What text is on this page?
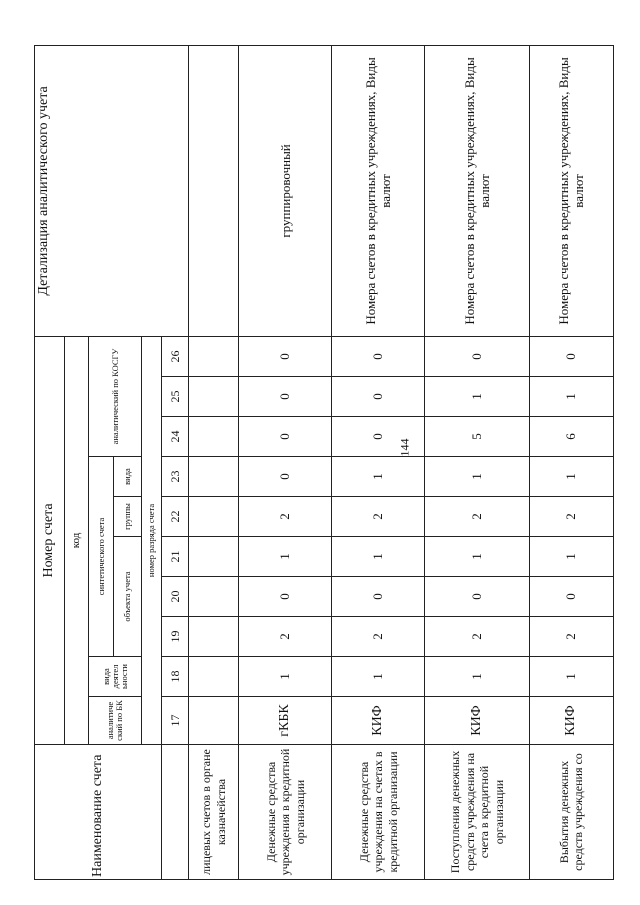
144
Наименование счета	Номер счета										Детализация аналитического учета
	код										
	аналитиче ский по БК	вида деятел ьности	синтетического счета					аналитический по КОСГУ			
			объекта учета			группы	вида				
	номер разряда счета										
	17	18	19	20	21	22	23	24	25	26	
лицевых счетов в органе казначейства											
Денежные средства учреждения в кредитной организации	гКБК	1	2	0	1	2	0	0	0	0	группировочный
Денежные средства учреждения на счетах в кредитной организации	КИФ	1	2	0	1	2	1	0	0	0	Номера счетов в кредитных учреждениях, Виды валют
Поступления денежных средств учреждения на счета в кредитной организации	КИФ	1	2	0	1	2	1	5	1	0	Номера счетов в кредитных учреждениях, Виды валют
Выбытия денежных средств учреждения со	КИФ	1	2	0	1	2	1	6	1	0	Номера счетов в кредитных учреждениях, Виды валют
